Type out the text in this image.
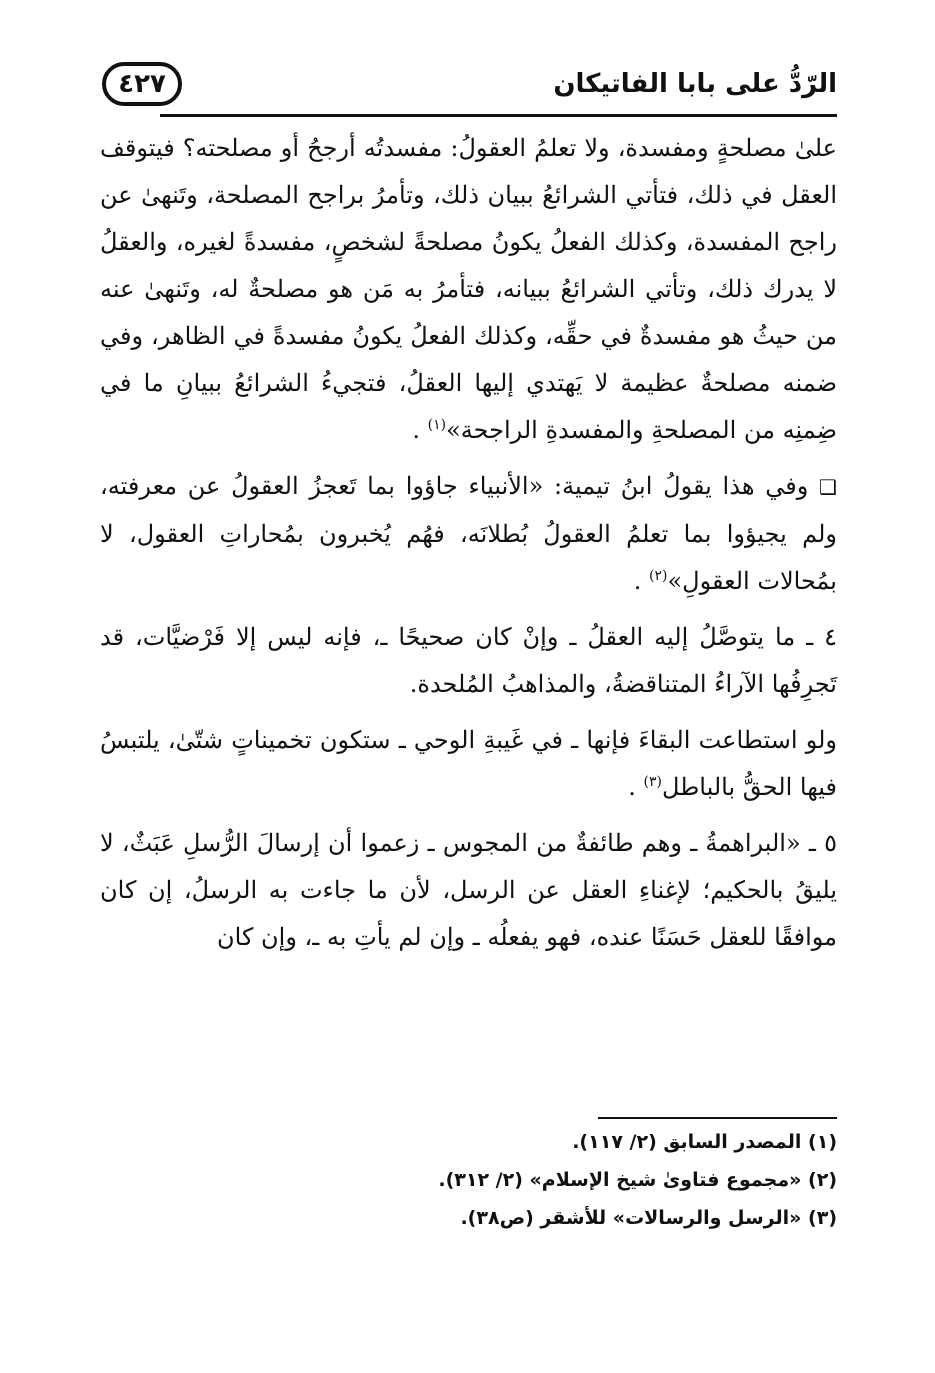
٤٢٧	الرّدُّ على بابا الفاتيكان

علىٰ مصلحةٍ ومفسدة، ولا تعلمُ العقولُ: مفسدتُه أرجحُ أو مصلحته؟ فيتوقف العقل في ذلك، فتأتي الشرائعُ ببيان ذلك، وتأمرُ براجح المصلحة، وتَنهىٰ عن راجح المفسدة، وكذلك الفعلُ يكونُ مصلحةً لشخصٍ، مفسدةً لغيره، والعقلُ لا يدرك ذلك، وتأتي الشرائعُ ببيانه، فتأمرُ به مَن هو مصلحةٌ له، وتَنهىٰ عنه من حيثُ هو مفسدةٌ في حقِّه، وكذلك الفعلُ يكونُ مفسدةً في الظاهر، وفي ضمنه مصلحةٌ عظيمة لا يَهتدي إليها العقلُ، فتجيءُ الشرائعُ ببيانِ ما في ضِمنِه من المصلحةِ والمفسدةِ الراجحة»$^{(١)}$ .

❑ وفي هذا يقولُ ابنُ تيمية: «الأنبياء جاؤوا بما تَعجزُ العقولُ عن معرفته، ولم يجيؤوا بما تعلمُ العقولُ بُطلانَه، فهُم يُخبرون بمُحاراتِ العقول، لا بمُحالات العقولِ»$^{(٢)}$ .

٤ ـ ما يتوصَّلُ إليه العقلُ ـ وإنْ كان صحيحًا ـ، فإنه ليس إلا فَرْضيَّات، قد تَجرِفُها الآراءُ المتناقضةُ، والمذاهبُ المُلحدة.

ولو استطاعت البقاءَ فإنها ـ في غَيبةِ الوحي ـ ستكون تخميناتٍ شتّىٰ، يلتبسُ فيها الحقُّ بالباطل$^{(٣)}$ .

٥ ـ «البراهمةُ ـ وهم طائفةٌ من المجوس ـ زعموا أن إرسالَ الرُّسلِ عَبَثٌ، لا يليقُ بالحكيم؛ لإغناءِ العقل عن الرسل، لأن ما جاءت به الرسلُ، إن كان موافقًا للعقل حَسَنًا عنده، فهو يفعلُه ـ وإن لم يأتِ به ـ، وإن كان

(١) المصدر السابق (٢/ ١١٧).
(٢) «مجموع فتاوىٰ شيخ الإسلام» (٢/ ٣١٢).
(٣) «الرسل والرسالات» للأشقر (ص٣٨).
